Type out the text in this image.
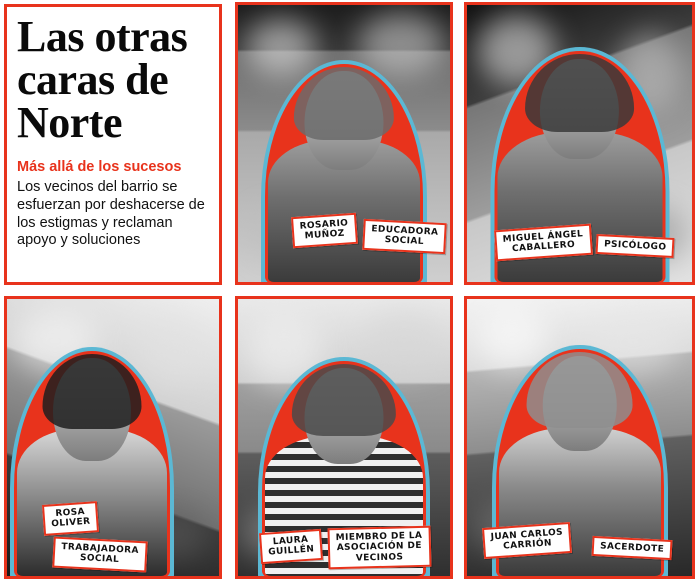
Las otras caras de Norte
Más allá de los sucesos
Los vecinos del barrio se esfuerzan por deshacerse de los estigmas y reclaman apoyo y soluciones
ROSARIO
MUÑOZ	EDUCADORA
SOCIAL	MIGUEL ÁNGEL
CABALLERO	PSICÓLOGO
ROSA
OLIVER
TRABAJADORA
SOCIAL
LAURA
GUILLÉN
MIEMBRO DE LA
ASOCIACIÓN DE
VECINOS
JUAN CARLOS
CARRIÓN	SACERDOTE
